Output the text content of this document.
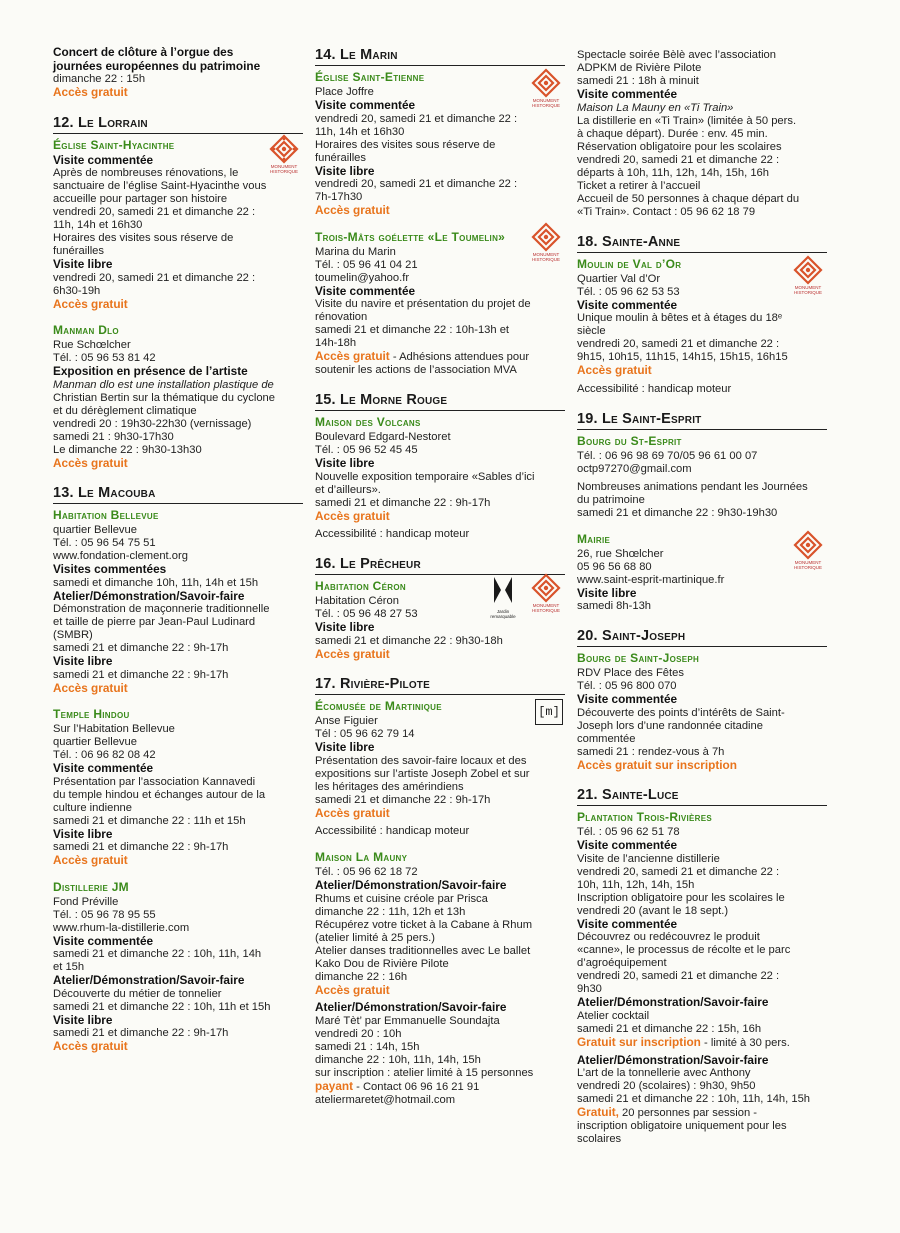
Concert de clôture à l’orgue des
journées européennes du patrimoine
dimanche 22 : 15h
Accès gratuit
12. Le Lorrain
Église Saint-Hyacinthe
MONUMENT HISTORIQUE
Visite commentée
Après de nombreuses rénovations, le
sanctuaire de l’église Saint-Hyacinthe vous
accueille pour partager son histoire
vendredi 20, samedi 21 et dimanche 22 :
11h, 14h et 16h30
Horaires des visites sous réserve de
funérailles
Visite libre
vendredi 20, samedi 21 et dimanche 22 :
6h30-19h
Accès gratuit
Manman Dlo
Rue Schœlcher
Tél. : 05 96 53 81 42
Exposition en présence de l’artiste
Manman dlo est une installation plastique de
Christian Bertin sur la thématique du cyclone
et du dérèglement climatique
vendredi 20 : 19h30-22h30 (vernissage)
samedi 21 : 9h30-17h30
Le dimanche 22 : 9h30-13h30
Accès gratuit
13. Le Macouba
Habitation Bellevue
quartier Bellevue
Tél. : 05 96 54 75 51
www.fondation-clement.org
Visites commentées
samedi et dimanche 10h, 11h, 14h et 15h
Atelier/Démonstration/Savoir-faire
Démonstration de maçonnerie traditionnelle
et taille de pierre par Jean-Paul Ludinard
(SMBR)
samedi 21 et dimanche 22 : 9h-17h
Visite libre
samedi 21 et dimanche 22 : 9h-17h
Accès gratuit
Temple Hindou
Sur l’Habitation Bellevue
quartier Bellevue
Tél. : 06 96 82 08 42
Visite commentée
Présentation par l’association Kannavedi
du temple hindou et échanges autour de la
culture indienne
samedi 21 et dimanche 22 : 11h et 15h
Visite libre
samedi 21 et dimanche 22 : 9h-17h
Accès gratuit
Distillerie JM
Fond Préville
Tél. : 05 96 78 95 55
www.rhum-la-distillerie.com
Visite commentée
samedi 21 et dimanche 22 : 10h, 11h, 14h
et 15h
Atelier/Démonstration/Savoir-faire
Découverte du métier de tonnelier
samedi 21 et dimanche 22 : 10h, 11h et 15h
Visite libre
samedi 21 et dimanche 22 : 9h-17h
Accès gratuit
14. Le Marin
Église Saint-Etienne
MONUMENT HISTORIQUE
Place Joffre
Visite commentée
vendredi 20, samedi 21 et dimanche 22 :
11h, 14h et 16h30
Horaires des visites sous réserve de
funérailles
Visite libre
vendredi 20, samedi 21 et dimanche 22 :
7h-17h30
Accès gratuit
Trois-Mâts goélette «Le Toumelin»
MONUMENT HISTORIQUE
Marina du Marin
Tél. : 05 96 41 04 21
toumelin@yahoo.fr
Visite commentée
Visite du navire et présentation du projet de
rénovation
samedi 21 et dimanche 22 : 10h-13h et
14h-18h
Accès gratuit - Adhésions attendues pour
soutenir les actions de l’association MVA
15. Le Morne Rouge
Maison des Volcans
Boulevard Edgard-Nestoret
Tél. : 05 96 52 45 45
Visite libre
Nouvelle exposition temporaire «Sables d’ici
et d’ailleurs».
samedi 21 et dimanche 22 : 9h-17h
Accès gratuit
Accessibilité : handicap moteur
16. Le Prêcheur
Habitation Céron
Jardin remarquable
MONUMENT HISTORIQUE
Habitation Céron
Tél. : 05 96 48 27 53
Visite libre
samedi 21 et dimanche 22 : 9h30-18h
Accès gratuit
17. Rivière-Pilote
Écomusée de Martinique	[m]
Anse Figuier
Tél : 05 96 62 79 14
Visite libre
Présentation des savoir-faire locaux et des
expositions sur l’artiste Joseph Zobel et sur
les héritages des amérindiens
samedi 21 et dimanche 22 : 9h-17h
Accès gratuit
Accessibilité : handicap moteur
Maison La Mauny
Tél. : 05 96 62 18 72
Atelier/Démonstration/Savoir-faire
Rhums et cuisine créole par Prisca
dimanche 22 : 11h, 12h et 13h
Récupérez votre ticket à la Cabane à Rhum
(atelier limité à 25 pers.)
Atelier danses traditionnelles avec Le ballet
Kako Dou de Rivière Pilote
dimanche 22 : 16h
Accès gratuit
Atelier/Démonstration/Savoir-faire
Maré Tèt’ par Emmanuelle Soundajta
vendredi 20 : 10h
samedi 21 : 14h, 15h
dimanche 22 : 10h, 11h, 14h, 15h
sur inscription : atelier limité à 15 personnes
payant - Contact 06 96 16 21 91
ateliermaretet@hotmail.com
Spectacle soirée Bèlè avec l’association
ADPKM de Rivière Pilote
samedi 21 : 18h à minuit
Visite commentée
Maison La Mauny en «Ti Train»
La distillerie en «Ti Train» (limitée à 50 pers.
à chaque départ). Durée : env. 45 min.
Réservation obligatoire pour les scolaires
vendredi 20, samedi 21 et dimanche 22 :
départs à 10h, 11h, 12h, 14h, 15h, 16h
Ticket a retirer à l’accueil
Accueil de 50 personnes à chaque départ du
«Ti Train». Contact : 05 96 62 18 79
18. Sainte-Anne
Moulin de Val d’Or
MONUMENT HISTORIQUE
Quartier Val d’Or
Tél. : 05 96 62 53 53
Visite commentée
Unique moulin à bêtes et à étages du 18ᵉ
siècle
vendredi 20, samedi 21 et dimanche 22 :
9h15, 10h15, 11h15, 14h15, 15h15, 16h15
Accès gratuit
Accessibilité : handicap moteur
19. Le Saint-Esprit
Bourg du St-Esprit
Tél. : 06 96 98 69 70/05 96 61 00 07
octp97270@gmail.com
Nombreuses animations pendant les Journées
du patrimoine
samedi 21 et dimanche 22 : 9h30-19h30
Mairie
MONUMENT HISTORIQUE
26, rue Shœlcher
05 96 56 68 80
www.saint-esprit-martinique.fr
Visite libre
samedi 8h-13h
20. Saint-Joseph
Bourg de Saint-Joseph
RDV Place des Fêtes
Tél. : 05 96 800 070
Visite commentée
Découverte des points d’intérêts de Saint-
Joseph lors d’une randonnée citadine
commentée
samedi 21 : rendez-vous à 7h
Accès gratuit sur inscription
21. Sainte-Luce
Plantation Trois-Rivières
Tél. : 05 96 62 51 78
Visite commentée
Visite de l’ancienne distillerie
vendredi 20, samedi 21 et dimanche 22 :
10h, 11h, 12h, 14h, 15h
Inscription obligatoire pour les scolaires le
vendredi 20 (avant le 18 sept.)
Visite commentée
Découvrez ou redécouvrez le produit
«canne», le processus de récolte et le parc
d’agroéquipement
vendredi 20, samedi 21 et dimanche 22 :
9h30
Atelier/Démonstration/Savoir-faire
Atelier cocktail
samedi 21 et dimanche 22 : 15h, 16h
Gratuit sur inscription - limité à 30 pers.
Atelier/Démonstration/Savoir-faire
L’art de la tonnellerie avec Anthony
vendredi 20 (scolaires) : 9h30, 9h50
samedi 21 et dimanche 22 : 10h, 11h, 14h, 15h
Gratuit, 20 personnes par session -
inscription obligatoire uniquement pour les
scolaires
